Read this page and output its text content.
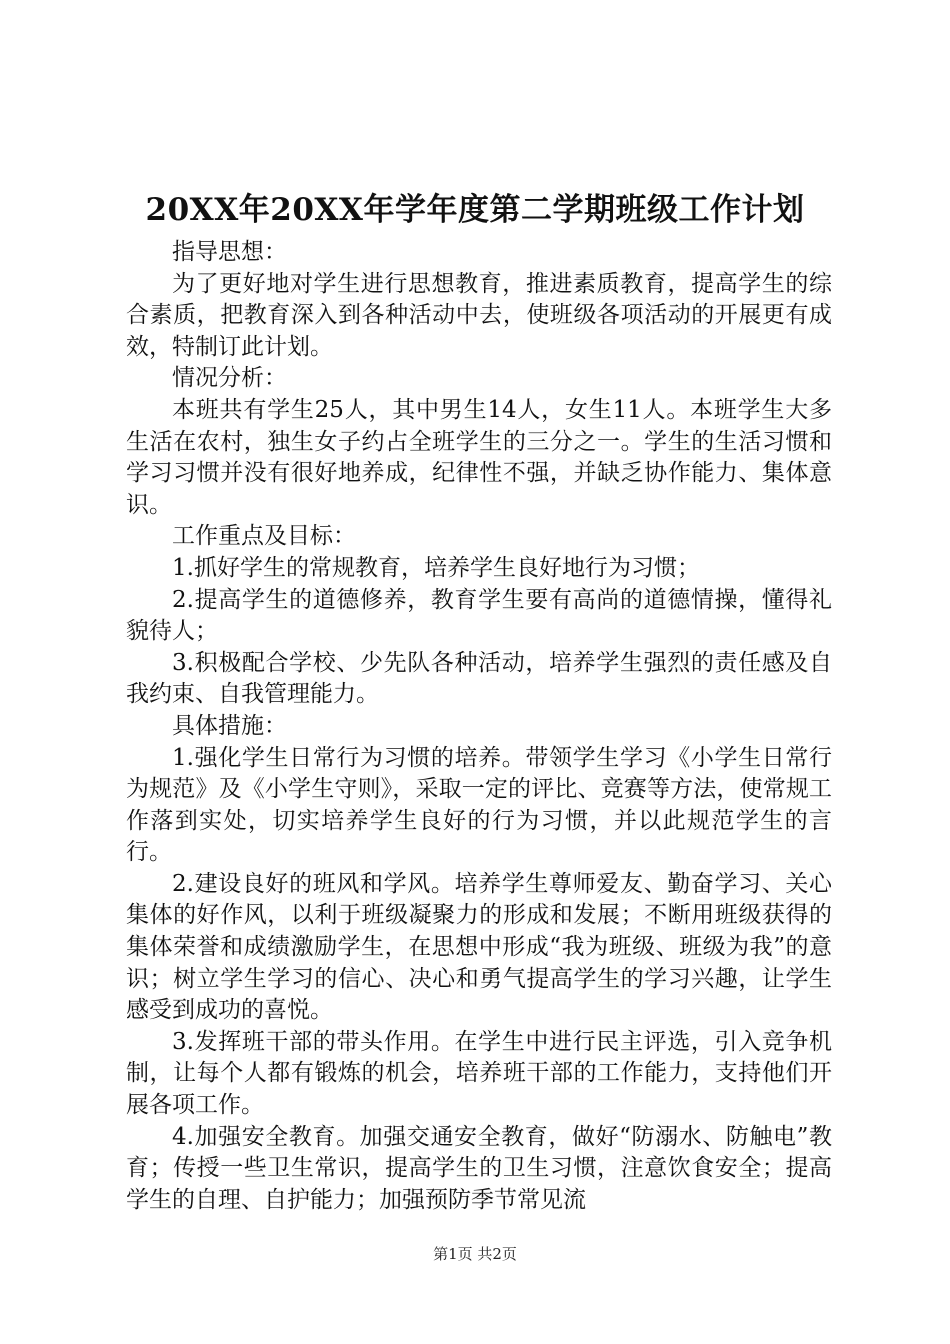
20XX年20XX年学年度第二学期班级工作计划

指导思想：

为了更好地对学生进行思想教育，推进素质教育，提高学生的综合素质，把教育深入到各种活动中去，使班级各项活动的开展更有成效，特制订此计划。

情况分析：

本班共有学生25人，其中男生14人，女生11人。本班学生大多生活在农村，独生女子约占全班学生的三分之一。学生的生活习惯和学习习惯并没有很好地养成，纪律性不强，并缺乏协作能力、集体意识。

工作重点及目标：

1.抓好学生的常规教育，培养学生良好地行为习惯；

2.提高学生的道德修养，教育学生要有高尚的道德情操，懂得礼貌待人；

3.积极配合学校、少先队各种活动，培养学生强烈的责任感及自我约束、自我管理能力。

具体措施：

1.强化学生日常行为习惯的培养。带领学生学习《小学生日常行为规范》及《小学生守则》，采取一定的评比、竞赛等方法，使常规工作落到实处，切实培养学生良好的行为习惯，并以此规范学生的言行。

2.建设良好的班风和学风。培养学生尊师爱友、勤奋学习、关心集体的好作风，以利于班级凝聚力的形成和发展；不断用班级获得的集体荣誉和成绩激励学生，在思想中形成“我为班级、班级为我”的意识；树立学生学习的信心、决心和勇气提高学生的学习兴趣，让学生感受到成功的喜悦。

3.发挥班干部的带头作用。在学生中进行民主评选，引入竞争机制，让每个人都有锻炼的机会，培养班干部的工作能力，支持他们开展各项工作。

4.加强安全教育。加强交通安全教育，做好“防溺水、防触电”教育；传授一些卫生常识，提高学生的卫生习惯，注意饮食安全；提高学生的自理、自护能力；加强预防季节常见流

第1页 共2页
